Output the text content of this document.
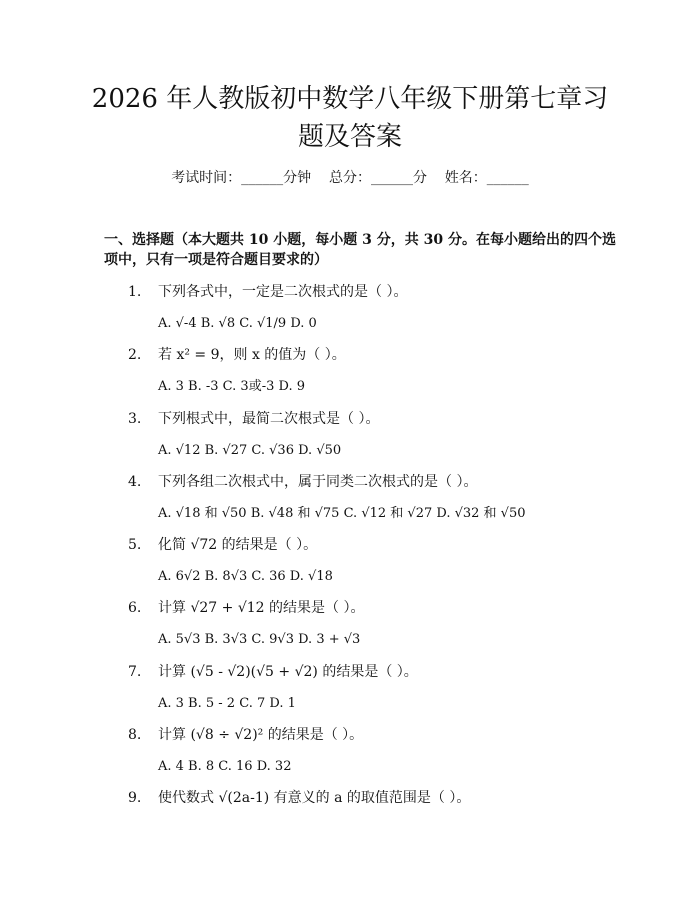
2026 年人教版初中数学八年级下册第七章习
题及答案
考试时间：______分钟    总分：______分    姓名：______
一、选择题（本大题共 10 小题，每小题 3 分，共 30 分。在每小题给出的四个选项中，只有一项是符合题目要求的）
1. 下列各式中，一定是二次根式的是（ ）。
A. √-4 B. √8 C. √1/9 D. 0
2. 若 x² = 9，则 x 的值为（ ）。
A. 3 B. -3 C. 3或-3 D. 9
3. 下列根式中，最简二次根式是（ ）。
A. √12 B. √27 C. √36 D. √50
4. 下列各组二次根式中，属于同类二次根式的是（ ）。
A. √18 和 √50 B. √48 和 √75 C. √12 和 √27 D. √32 和 √50
5. 化简 √72 的结果是（ ）。
A. 6√2 B. 8√3 C. 36 D. √18
6. 计算 √27 + √12 的结果是（ ）。
A. 5√3 B. 3√3 C. 9√3 D. 3 + √3
7. 计算 (√5 - √2)(√5 + √2) 的结果是（ ）。
A. 3 B. 5 - 2 C. 7 D. 1
8. 计算 (√8 ÷ √2)² 的结果是（ ）。
A. 4 B. 8 C. 16 D. 32
9. 使代数式 √(2a-1) 有意义的 a 的取值范围是（ ）。
